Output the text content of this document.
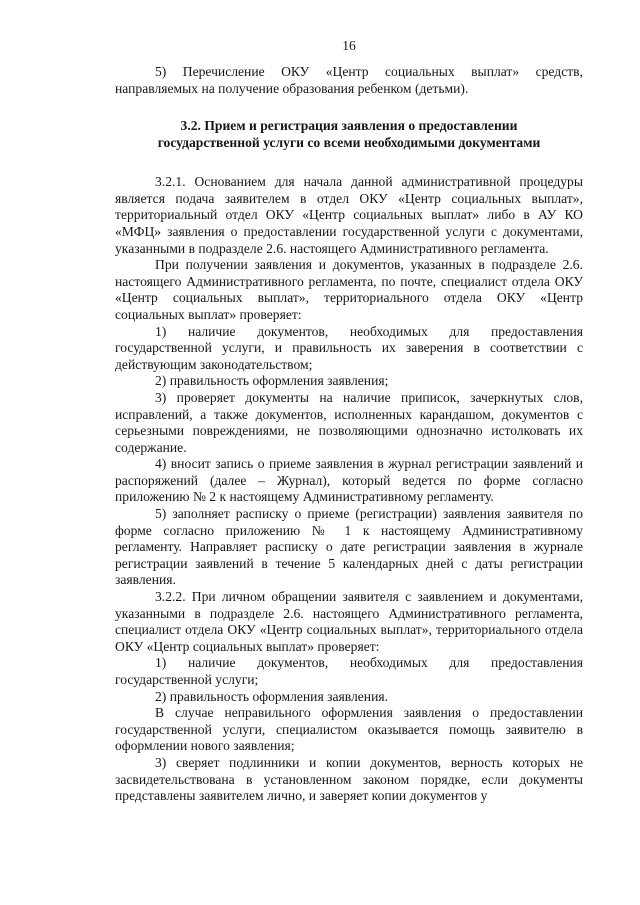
16

5) Перечисление ОКУ «Центр социальных выплат» средств, направляемых на получение образования ребенком (детьми).

3.2. Прием и регистрация заявления о предоставлении
государственной услуги со всеми необходимыми документами

3.2.1. Основанием для начала данной административной процедуры является подача заявителем в отдел ОКУ «Центр социальных выплат», территориальный отдел ОКУ «Центр социальных выплат» либо в АУ КО «МФЦ» заявления о предоставлении государственной услуги с документами, указанными в подразделе 2.6. настоящего Административного регламента.

При получении заявления и документов, указанных в подразделе 2.6. настоящего Административного регламента, по почте, специалист отдела ОКУ «Центр социальных выплат», территориального отдела ОКУ «Центр социальных выплат» проверяет:

1) наличие документов, необходимых для предоставления государственной услуги, и правильность их заверения в соответствии с действующим законодательством;

2) правильность оформления заявления;

3) проверяет документы на наличие приписок, зачеркнутых слов, исправлений, а также документов, исполненных карандашом, документов с серьезными повреждениями, не позволяющими однозначно истолковать их содержание.

4) вносит запись о приеме заявления в журнал регистрации заявлений и распоряжений (далее – Журнал), который ведется по форме согласно приложению № 2 к настоящему Административному регламенту.

5) заполняет расписку о приеме (регистрации) заявления заявителя по форме согласно приложению № 1 к настоящему Административному регламенту. Направляет расписку о дате регистрации заявления в журнале регистрации заявлений в течение 5 календарных дней с даты регистрации заявления.

3.2.2. При личном обращении заявителя с заявлением и документами, указанными в подразделе 2.6. настоящего Административного регламента, специалист отдела ОКУ «Центр социальных выплат», территориального отдела ОКУ «Центр социальных выплат» проверяет:

1) наличие документов, необходимых для предоставления государственной услуги;

2) правильность оформления заявления.

В случае неправильного оформления заявления о предоставлении государственной услуги, специалистом оказывается помощь заявителю в оформлении нового заявления;

3) сверяет подлинники и копии документов, верность которых не засвидетельствована в установленном законом порядке, если документы представлены заявителем лично, и заверяет копии документов у
